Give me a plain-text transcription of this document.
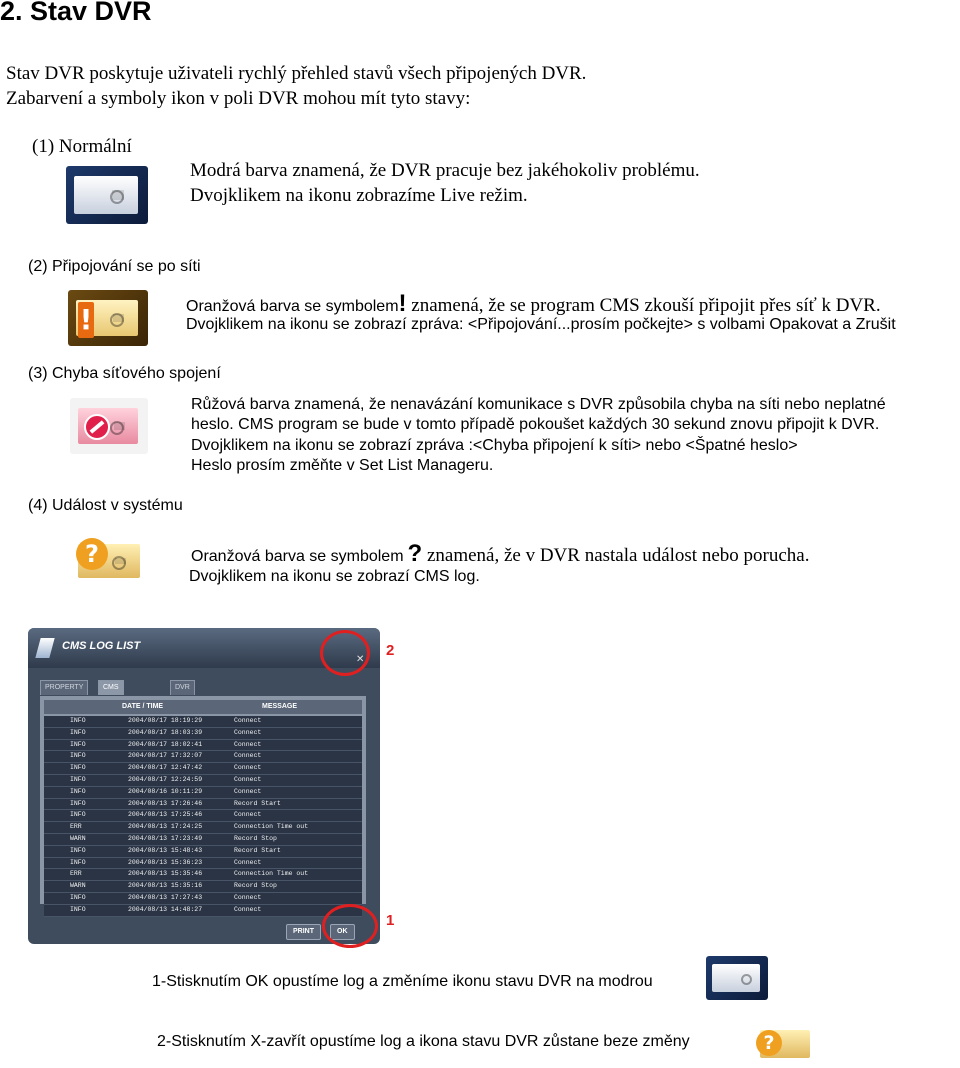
2. Stav DVR
Stav DVR poskytuje uživateli rychlý přehled stavů všech připojených DVR.
Zabarvení a symboly ikon v poli DVR mohou mít tyto stavy:
(1) Normální
Modrá barva znamená, že DVR pracuje bez jakéhokoliv problému.
Dvojklikem na ikonu zobrazíme Live režim.
(2) Připojování se po síti
!	Oranžová barva se symbolem! znamená, že se program CMS zkouší připojit přes síť k DVR.
Dvojklikem na ikonu se zobrazí zpráva: <Připojování...prosím počkejte> s volbami Opakovat a Zrušit
(3) Chyba síťového spojení
Růžová barva znamená, že nenavázání komunikace s DVR způsobila chyba na síti nebo neplatné
heslo. CMS program se bude v tomto případě pokoušet každých 30 sekund znovu připojit k DVR.
Dvojklikem na ikonu se zobrazí zpráva :<Chyba připojení k síti> nebo <Špatné heslo>
Heslo prosím změňte v Set List Manageru.
(4) Událost v systému
?	Oranžová barva se symbolem ? znamená, že v DVR nastala událost nebo porucha.
Dvojklikem na ikonu se zobrazí CMS log.
CMS LOG LIST
✕
PROPERTY	CMS	DVR
DATE / TIME	MESSAGE
INFO	2004/08/17 18:19:29	Connect
INFO	2004/08/17 18:03:39	Connect
INFO	2004/08/17 18:02:41	Connect
INFO	2004/08/17 17:32:07	Connect
INFO	2004/08/17 12:47:42	Connect
INFO	2004/08/17 12:24:59	Connect
INFO	2004/08/16 10:11:29	Connect
INFO	2004/08/13 17:26:46	Record Start
INFO	2004/08/13 17:25:46	Connect
ERR	2004/08/13 17:24:25	Connection Time out
WARN	2004/08/13 17:23:49	Record Stop
INFO	2004/08/13 15:48:43	Record Start
INFO	2004/08/13 15:36:23	Connect
ERR	2004/08/13 15:35:46	Connection Time out
WARN	2004/08/13 15:35:16	Record Stop
INFO	2004/08/13 17:27:43	Connect
INFO	2004/08/13 14:48:27	Connect
PRINT	OK
2
1
1-Stisknutím OK opustíme log a změníme ikonu stavu DVR na modrou
2-Stisknutím X-zavřít opustíme log a ikona stavu DVR zůstane beze změny	?
